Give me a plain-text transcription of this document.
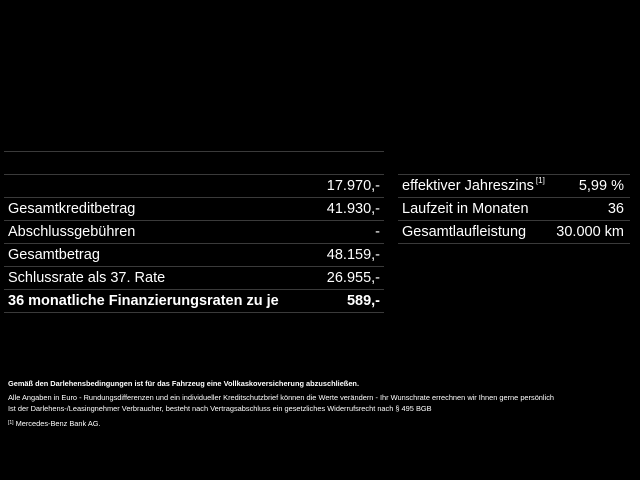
17.970,-
Gesamtkreditbetrag	41.930,-
Abschlussgebühren	-
Gesamtbetrag	48.159,-
Schlussrate als 37. Rate	26.955,-
36 monatliche Finanzierungsraten zu je	589,-
effektiver Jahreszins [1] 5,99 %
Laufzeit in Monaten	36
Gesamtlaufleistung 30.000 km
Gemäß den Darlehensbedingungen ist für das Fahrzeug eine Vollkaskoversicherung abzuschließen.
Alle Angaben in Euro - Rundungsdifferenzen und ein individueller Kreditschutzbrief können die Werte verändern - Ihr Wunschrate errechnen wir Ihnen gerne persönlich
Ist der Darlehens-/Leasingnehmer Verbraucher, besteht nach Vertragsabschluss ein gesetzliches Widerrufsrecht nach § 495 BGB
[1] Mercedes-Benz Bank AG.
